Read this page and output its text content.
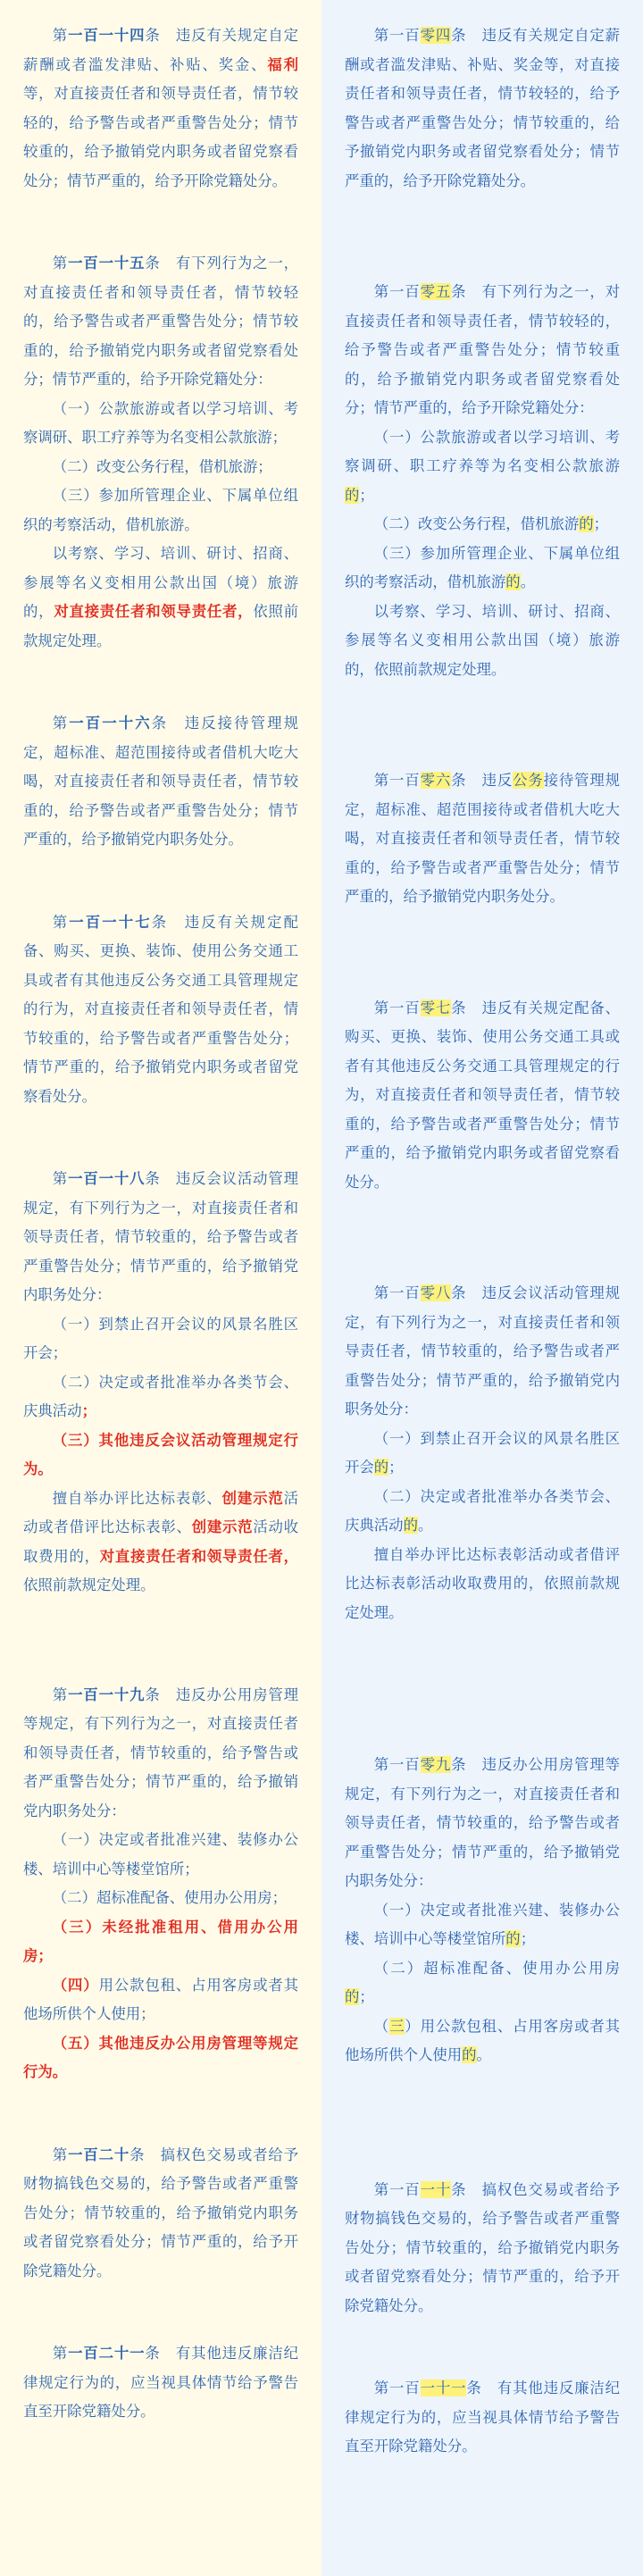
第一百一十四条　违反有关规定自定薪酬或者滥发津贴、补贴、奖金、福利等，对直接责任者和领导责任者，情节较轻的，给予警告或者严重警告处分；情节较重的，给予撤销党内职务或者留党察看处分；情节严重的，给予开除党籍处分。

第一百一十五条　有下列行为之一，对直接责任者和领导责任者，情节较轻的，给予警告或者严重警告处分；情节较重的，给予撤销党内职务或者留党察看处分；情节严重的，给予开除党籍处分：

（一）公款旅游或者以学习培训、考察调研、职工疗养等为名变相公款旅游；

（二）改变公务行程，借机旅游；

（三）参加所管理企业、下属单位组织的考察活动，借机旅游。

以考察、学习、培训、研讨、招商、参展等名义变相用公款出国（境）旅游的，对直接责任者和领导责任者，依照前款规定处理。

第一百一十六条　违反接待管理规定，超标准、超范围接待或者借机大吃大喝，对直接责任者和领导责任者，情节较重的，给予警告或者严重警告处分；情节严重的，给予撤销党内职务处分。

第一百一十七条　违反有关规定配备、购买、更换、装饰、使用公务交通工具或者有其他违反公务交通工具管理规定的行为，对直接责任者和领导责任者，情节较重的，给予警告或者严重警告处分；情节严重的，给予撤销党内职务或者留党察看处分。

第一百一十八条　违反会议活动管理规定，有下列行为之一，对直接责任者和领导责任者，情节较重的，给予警告或者严重警告处分；情节严重的，给予撤销党内职务处分：

（一）到禁止召开会议的风景名胜区开会；

（二）决定或者批准举办各类节会、庆典活动；

（三）其他违反会议活动管理规定行为。

擅自举办评比达标表彰、创建示范活动或者借评比达标表彰、创建示范活动收取费用的，对直接责任者和领导责任者，依照前款规定处理。

第一百一十九条　违反办公用房管理等规定，有下列行为之一，对直接责任者和领导责任者，情节较重的，给予警告或者严重警告处分；情节严重的，给予撤销党内职务处分：

（一）决定或者批准兴建、装修办公楼、培训中心等楼堂馆所；

（二）超标准配备、使用办公用房；

（三）未经批准租用、借用办公用房；

（四）用公款包租、占用客房或者其他场所供个人使用；

（五）其他违反办公用房管理等规定行为。

第一百二十条　搞权色交易或者给予财物搞钱色交易的，给予警告或者严重警告处分；情节较重的，给予撤销党内职务或者留党察看处分；情节严重的，给予开除党籍处分。

第一百二十一条　有其他违反廉洁纪律规定行为的，应当视具体情节给予警告直至开除党籍处分。

第一百零四条　违反有关规定自定薪酬或者滥发津贴、补贴、奖金等，对直接责任者和领导责任者，情节较轻的，给予警告或者严重警告处分；情节较重的，给予撤销党内职务或者留党察看处分；情节严重的，给予开除党籍处分。

第一百零五条　有下列行为之一，对直接责任者和领导责任者，情节较轻的，给予警告或者严重警告处分；情节较重的，给予撤销党内职务或者留党察看处分；情节严重的，给予开除党籍处分：

（一）公款旅游或者以学习培训、考察调研、职工疗养等为名变相公款旅游的；

（二）改变公务行程，借机旅游的；

（三）参加所管理企业、下属单位组织的考察活动，借机旅游的。

以考察、学习、培训、研讨、招商、参展等名义变相用公款出国（境）旅游的，依照前款规定处理。

第一百零六条　违反公务接待管理规定，超标准、超范围接待或者借机大吃大喝，对直接责任者和领导责任者，情节较重的，给予警告或者严重警告处分；情节严重的，给予撤销党内职务处分。

第一百零七条　违反有关规定配备、购买、更换、装饰、使用公务交通工具或者有其他违反公务交通工具管理规定的行为，对直接责任者和领导责任者，情节较重的，给予警告或者严重警告处分；情节严重的，给予撤销党内职务或者留党察看处分。

第一百零八条　违反会议活动管理规定，有下列行为之一，对直接责任者和领导责任者，情节较重的，给予警告或者严重警告处分；情节严重的，给予撤销党内职务处分：

（一）到禁止召开会议的风景名胜区开会的；

（二）决定或者批准举办各类节会、庆典活动的。

擅自举办评比达标表彰活动或者借评比达标表彰活动收取费用的，依照前款规定处理。

第一百零九条　违反办公用房管理等规定，有下列行为之一，对直接责任者和领导责任者，情节较重的，给予警告或者严重警告处分；情节严重的，给予撤销党内职务处分：

（一）决定或者批准兴建、装修办公楼、培训中心等楼堂馆所的；

（二）超标准配备、使用办公用房的；

（三）用公款包租、占用客房或者其他场所供个人使用的。

第一百一十条　搞权色交易或者给予财物搞钱色交易的，给予警告或者严重警告处分；情节较重的，给予撤销党内职务或者留党察看处分；情节严重的，给予开除党籍处分。

第一百一十一条　有其他违反廉洁纪律规定行为的，应当视具体情节给予警告直至开除党籍处分。
